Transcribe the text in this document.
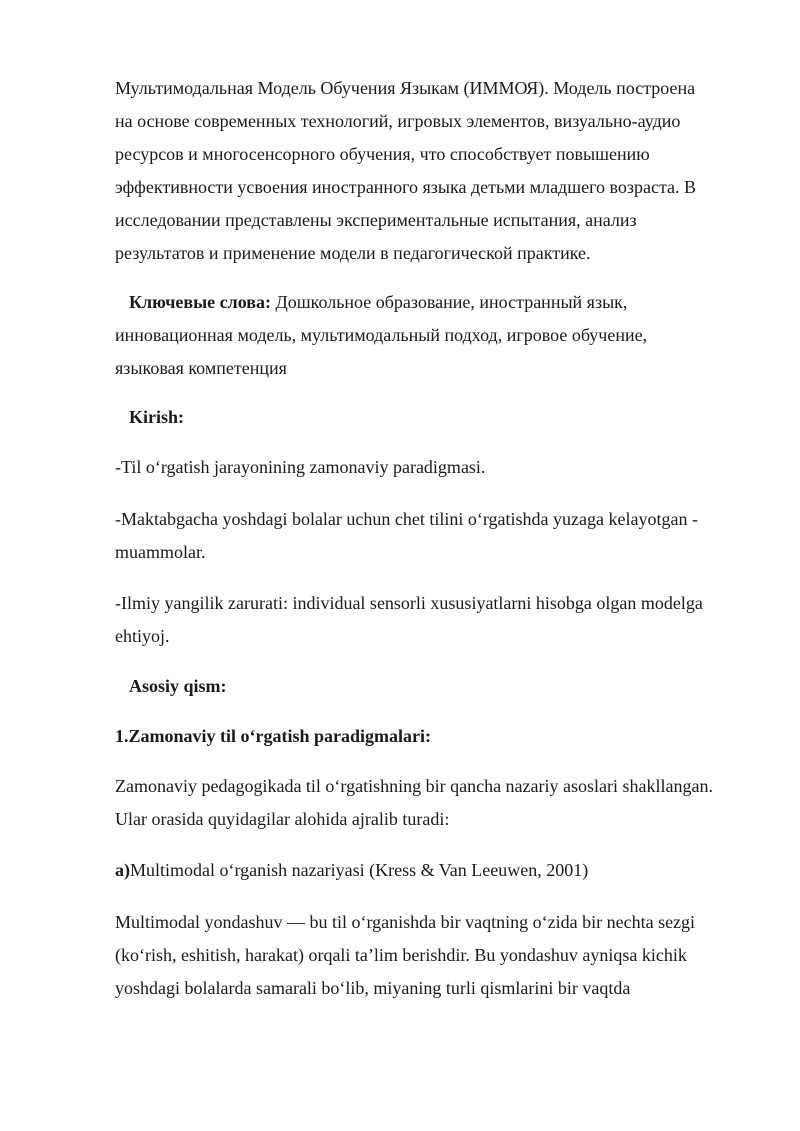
Мультимодальная Модель Обучения Языкам (ИММОЯ). Модель построена
на основе современных технологий, игровых элементов, визуально-аудио
ресурсов и многосенсорного обучения, что способствует повышению
эффективности усвоения иностранного языка детьми младшего возраста. В
исследовании представлены экспериментальные испытания, анализ
результатов и применение модели в педагогической практике.
Ключевые слова: Дошкольное образование, иностранный язык,
инновационная модель, мультимодальный подход, игровое обучение,
языковая компетенция
Kirish:
-Til o‘rgatish jarayonining zamonaviy paradigmasi.
-Maktabgacha yoshdagi bolalar uchun chet tilini o‘rgatishda yuzaga kelayotgan -
muammolar.
-Ilmiy yangilik zarurati: individual sensorli xususiyatlarni hisobga olgan modelga
ehtiyoj.
Asosiy qism:
1.Zamonaviy til o‘rgatish paradigmalari:
Zamonaviy pedagogikada til o‘rgatishning bir qancha nazariy asoslari shakllangan.
Ular orasida quyidagilar alohida ajralib turadi:
a)Multimodal o‘rganish nazariyasi (Kress & Van Leeuwen, 2001)
Multimodal yondashuv — bu til o‘rganishda bir vaqtning o‘zida bir nechta sezgi
(ko‘rish, eshitish, harakat) orqali ta’lim berishdir. Bu yondashuv ayniqsa kichik
yoshdagi bolalarda samarali bo‘lib, miyaning turli qismlarini bir vaqtda
